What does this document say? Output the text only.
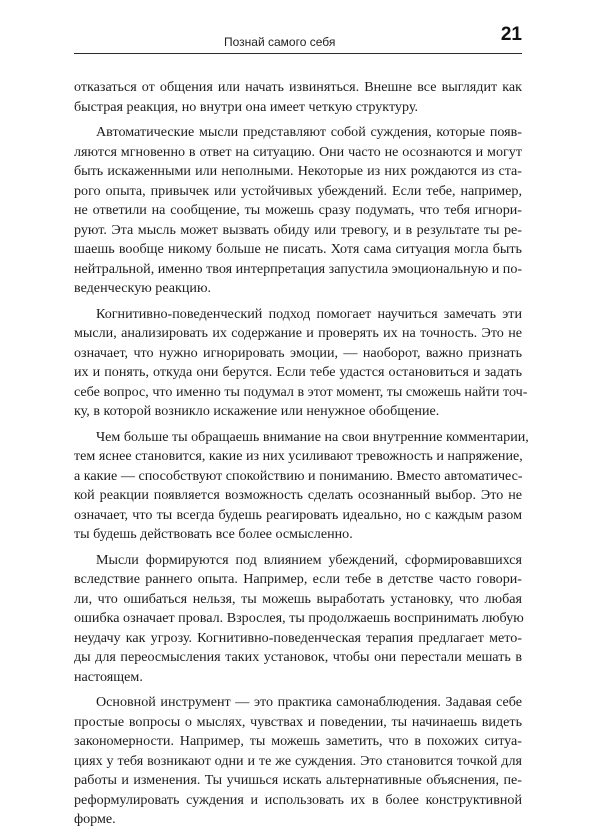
Познай самого себя	21

отказаться от общения или начать извиняться. Внешне все выглядит как
быстрая реакция, но внутри она имеет четкую структуру.

Автоматические мысли представляют собой суждения, которые появ-
ляются мгновенно в ответ на ситуацию. Они часто не осознаются и могут
быть искаженными или неполными. Некоторые из них рождаются из ста-
рого опыта, привычек или устойчивых убеждений. Если тебе, например,
не ответили на сообщение, ты можешь сразу подумать, что тебя игнори-
руют. Эта мысль может вызвать обиду или тревогу, и в результате ты ре-
шаешь вообще никому больше не писать. Хотя сама ситуация могла быть
нейтральной, именно твоя интерпретация запустила эмоциональную и по-
веденческую реакцию.

Когнитивно-поведенческий подход помогает научиться замечать эти
мысли, анализировать их содержание и проверять их на точность. Это не
означает, что нужно игнорировать эмоции, — наоборот, важно признать
их и понять, откуда они берутся. Если тебе удастся остановиться и задать
себе вопрос, что именно ты подумал в этот момент, ты сможешь найти точ-
ку, в которой возникло искажение или ненужное обобщение.

Чем больше ты обращаешь внимание на свои внутренние комментарии,
тем яснее становится, какие из них усиливают тревожность и напряжение,
а какие — способствуют спокойствию и пониманию. Вместо автоматичес-
кой реакции появляется возможность сделать осознанный выбор. Это не
означает, что ты всегда будешь реагировать идеально, но с каждым разом
ты будешь действовать все более осмысленно.

Мысли формируются под влиянием убеждений, сформировавшихся
вследствие раннего опыта. Например, если тебе в детстве часто говори-
ли, что ошибаться нельзя, ты можешь выработать установку, что любая
ошибка означает провал. Взрослея, ты продолжаешь воспринимать любую
неудачу как угрозу. Когнитивно-поведенческая терапия предлагает мето-
ды для переосмысления таких установок, чтобы они перестали мешать в
настоящем.

Основной инструмент — это практика самонаблюдения. Задавая себе
простые вопросы о мыслях, чувствах и поведении, ты начинаешь видеть
закономерности. Например, ты можешь заметить, что в похожих ситуа-
циях у тебя возникают одни и те же суждения. Это становится точкой для
работы и изменения. Ты учишься искать альтернативные объяснения, пе-
реформулировать суждения и использовать их в более конструктивной
форме.
